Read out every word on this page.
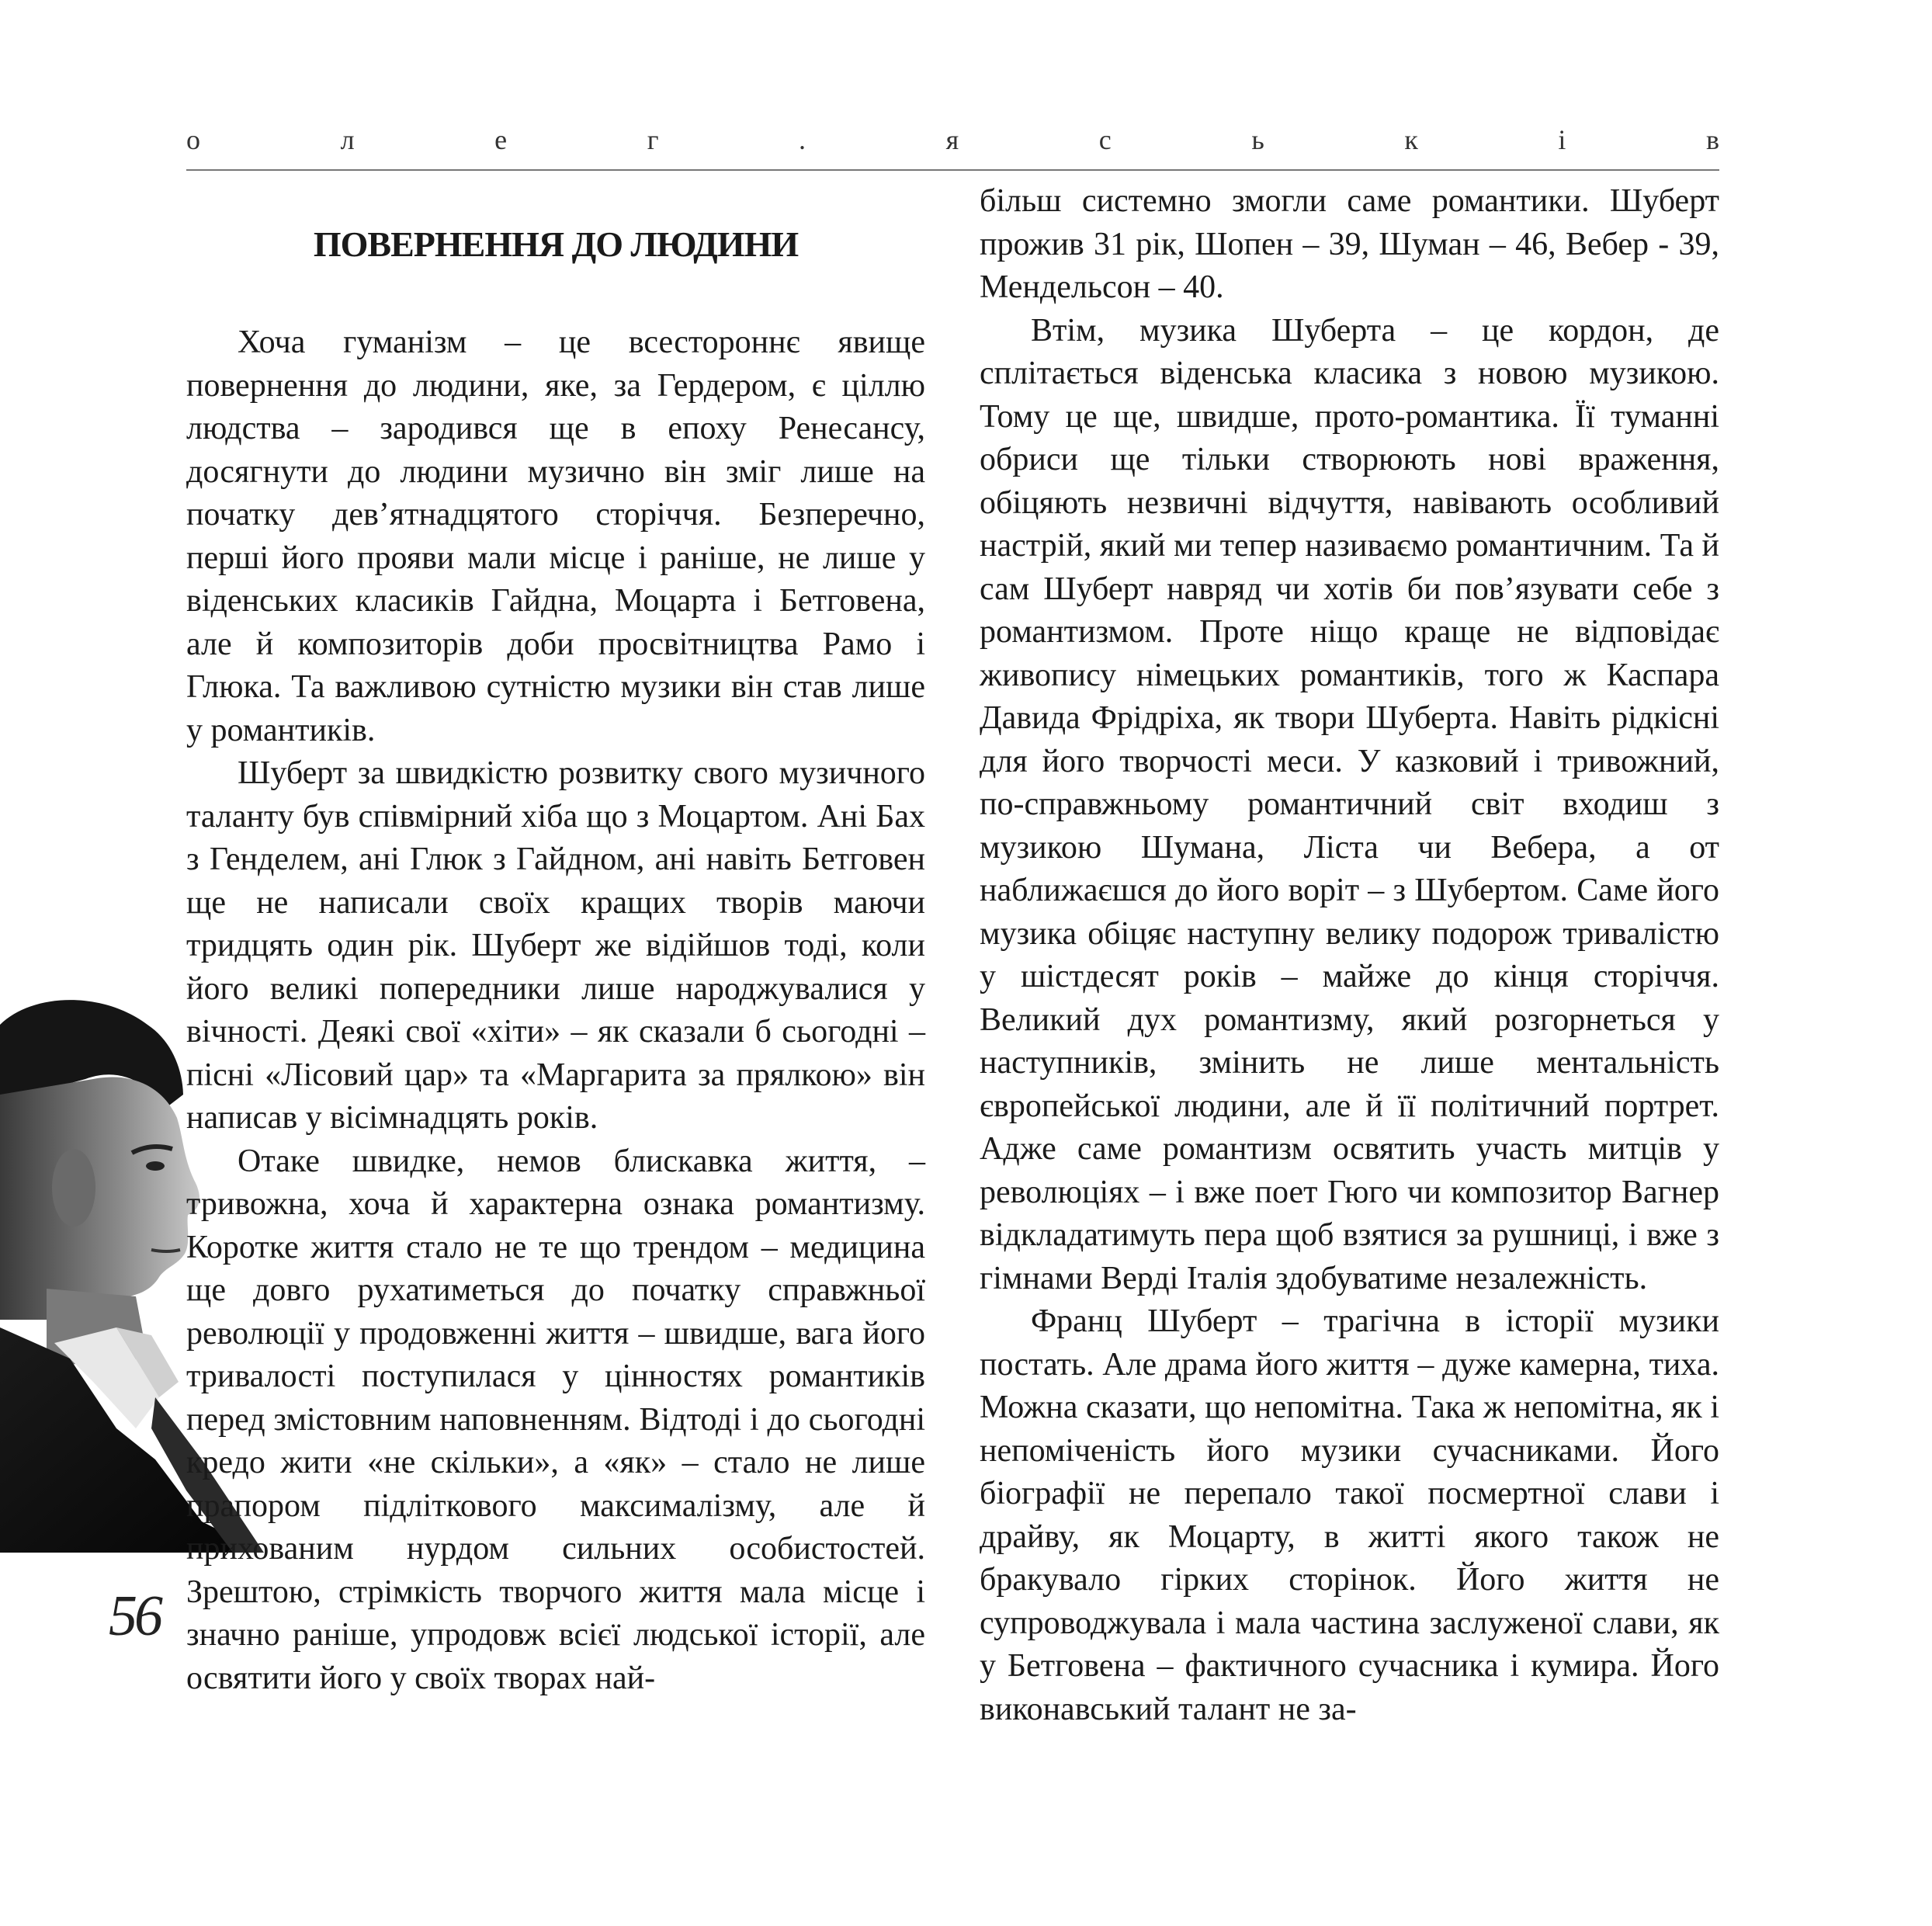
о	л	е	г	.	я	с	ь	к	і	в
ПОВЕРНЕННЯ ДО ЛЮДИНИ

Хоча гуманізм – це всестороннє явище повернення до людини, яке, за Гердером, є ціллю людства – зародився ще в епоху Ренесансу, досягнути до людини музично він зміг лише на початку дев’ятнадцятого сторіччя. Безперечно, перші його прояви мали місце і раніше, не лише у віденських класиків Гайдна, Моцарта і Бетговена, але й композиторів доби просвітництва Рамо і Глюка. Та важливою сутністю музики він став лише у романтиків.

Шуберт за швидкістю розвитку свого музичного таланту був співмірний хіба що з Моцартом. Ані Бах з Генделем, ані Глюк з Гайдном, ані навіть Бетговен ще не написали своїх кращих творів маючи тридцять один рік. Шуберт же відійшов тоді, коли його великі попередники лише народжувалися у вічності. Деякі свої «хіти» – як сказали б сьогодні – пісні «Лісовий цар» та «Маргарита за прялкою» він написав у вісімнадцять років.

Отаке швидке, немов блискавка життя, – тривожна, хоча й характерна ознака романтизму. Коротке життя стало не те що трендом – медицина ще довго рухатиметься до початку справжньої революції у продовженні життя – швидше, вага його тривалості поступилася у цінностях романтиків перед змістовним наповненням. Відтоді і до сьогодні кредо жити «не скільки», а «як» – стало не лише прапором підліткового максималізму, але й прихованим нурдом сильних особистостей. Зрештою, стрімкість творчого життя мала місце і значно раніше, упродовж всієї людської історії, але освятити його у своїх творах най-

більш системно змогли саме романтики. Шуберт прожив 31 рік, Шопен – 39, Шуман – 46, Вебер - 39, Мендельсон – 40.

Втім, музика Шуберта – це кордон, де сплітається віденська класика з новою музикою. Тому це ще, швидше, прото-романтика. Її туманні обриси ще тільки створюють нові враження, обіцяють незвичні відчуття, навівають особливий настрій, який ми тепер називаємо романтичним. Та й сам Шуберт навряд чи хотів би пов’язувати себе з романтизмом. Проте ніщо краще не відповідає живопису німецьких романтиків, того ж Каспара Давида Фрідріха, як твори Шуберта. Навіть рідкісні для його творчості меси. У казковий і тривожний, по-справжньому романтичний світ входиш з музикою Шумана, Ліста чи Вебера, а от наближаєшся до його воріт – з Шубертом. Саме його музика обіцяє наступну велику подорож тривалістю у шістдесят років – майже до кінця сторіччя. Великий дух романтизму, який розгорнеться у наступників, змінить не лише ментальність європейської людини, але й її політичний портрет. Адже саме романтизм освятить участь митців у революціях – і вже поет Гюго чи композитор Вагнер відкладатимуть пера щоб взятися за рушниці, і вже з гімнами Верді Італія здобуватиме незалежність.

Франц Шуберт – трагічна в історії музики постать. Але драма його життя – дуже камерна, тиха. Можна сказати, що непомітна. Така ж непомітна, як і непоміченість його музики сучасниками. Його біографії не перепало такої посмертної слави і драйву, як Моцарту, в житті якого також не бракувало гірких сторінок. Його життя не супроводжувала і мала частина заслуженої слави, як у Бетговена – фактичного сучасника і кумира. Його виконавський талант не за-

56
